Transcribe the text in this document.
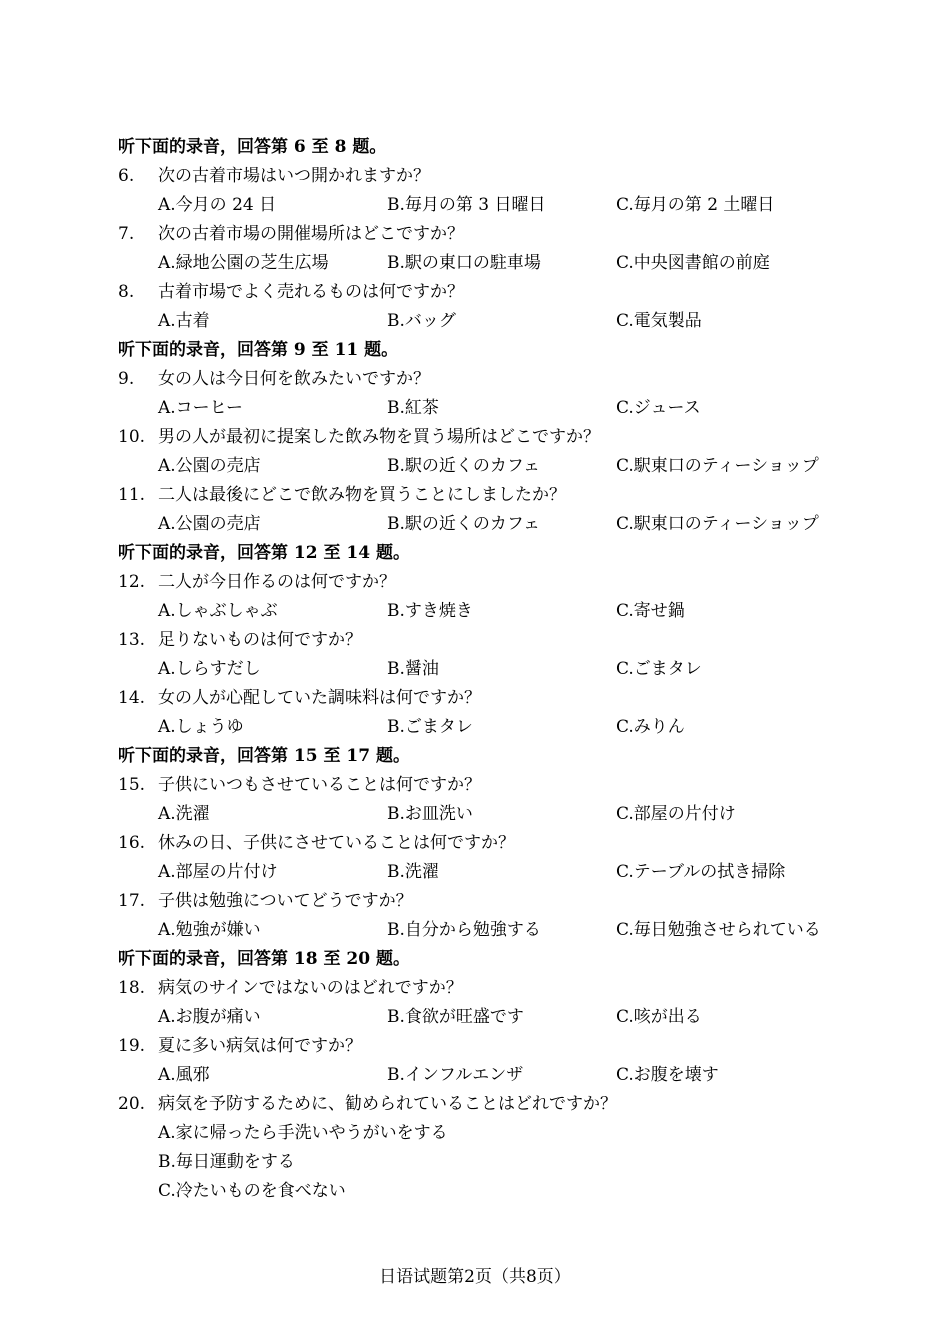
听下面的录音，回答第 6 至 8 题。
6. 次の古着市場はいつ開かれますか？
A.今月の 24 日	B.毎月の第 3 日曜日	C.毎月の第 2 土曜日
7. 次の古着市場の開催場所はどこですか？
A.緑地公園の芝生広場	B.駅の東口の駐車場	C.中央図書館の前庭
8. 古着市場でよく売れるものは何ですか？
A.古着	B.バッグ	C.電気製品
听下面的录音，回答第 9 至 11 题。
9. 女の人は今日何を飲みたいですか？
A.コーヒー	B.紅茶	C.ジュース
10. 男の人が最初に提案した飲み物を買う場所はどこですか？
A.公園の売店	B.駅の近くのカフェ	C.駅東口のティーショップ
11. 二人は最後にどこで飲み物を買うことにしましたか？
A.公園の売店	B.駅の近くのカフェ	C.駅東口のティーショップ
听下面的录音，回答第 12 至 14 题。
12. 二人が今日作るのは何ですか？
A.しゃぶしゃぶ	B.すき焼き	C.寄せ鍋
13. 足りないものは何ですか？
A.しらすだし	B.醤油	C.ごまタレ
14. 女の人が心配していた調味料は何ですか？
A.しょうゆ	B.ごまタレ	C.みりん
听下面的录音，回答第 15 至 17 题。
15. 子供にいつもさせていることは何ですか？
A.洗濯	B.お皿洗い	C.部屋の片付け
16. 休みの日、子供にさせていることは何ですか？
A.部屋の片付け	B.洗濯	C.テーブルの拭き掃除
17. 子供は勉強についてどうですか？
A.勉強が嫌い	B.自分から勉強する	C.毎日勉強させられている
听下面的录音，回答第 18 至 20 题。
18. 病気のサインではないのはどれですか？
A.お腹が痛い	B.食欲が旺盛です	C.咳が出る
19. 夏に多い病気は何ですか？
A.風邪	B.インフルエンザ	C.お腹を壊す
20. 病気を予防するために、勧められていることはどれですか？
A.家に帰ったら手洗いやうがいをする
B.毎日運動をする
C.冷たいものを食べない
日语试题第2页（共8页）
